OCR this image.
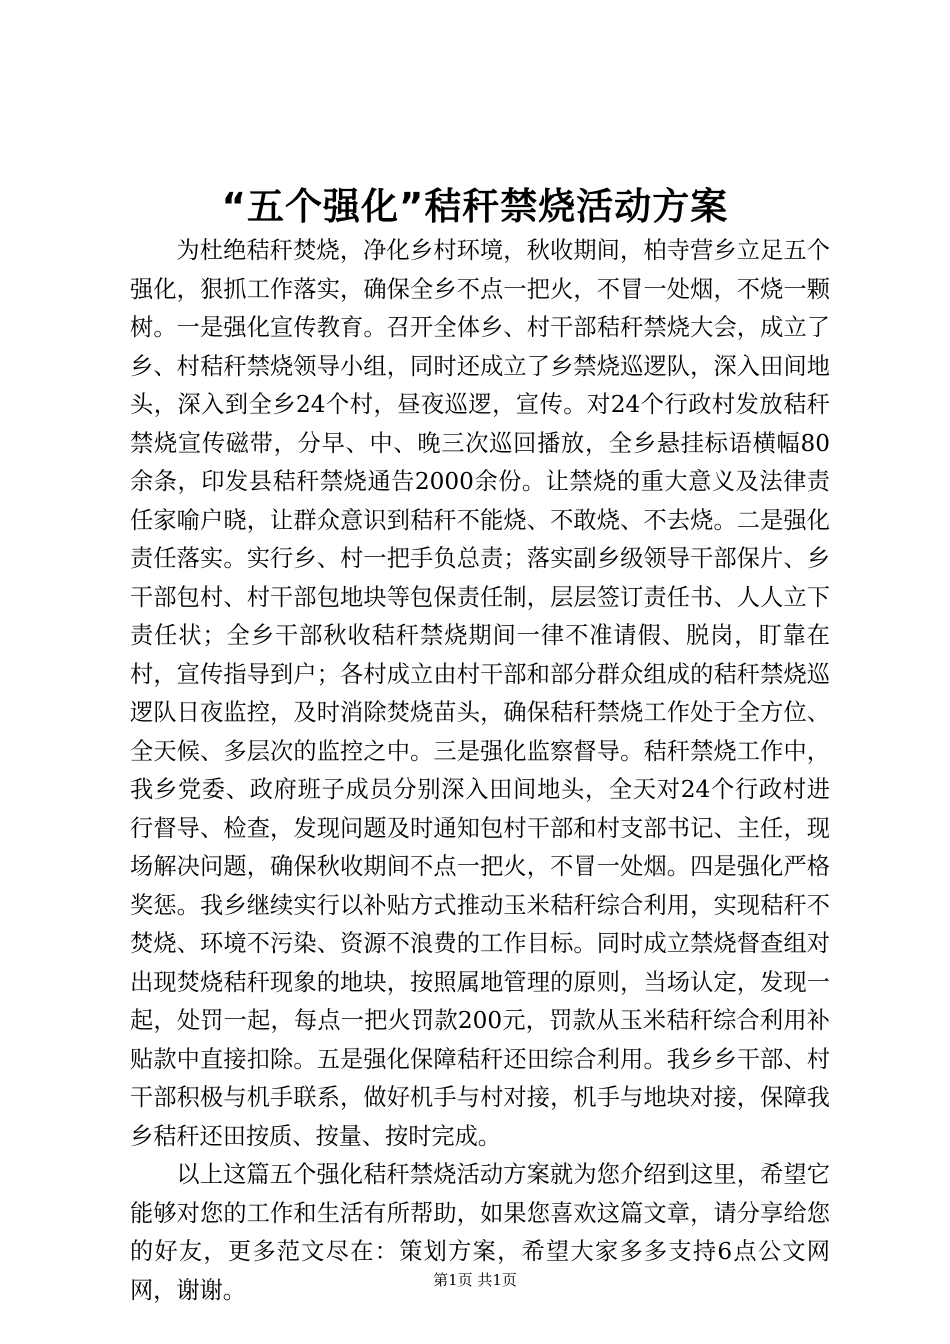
“五个强化”秸秆禁烧活动方案

为杜绝秸秆焚烧，净化乡村环境，秋收期间，柏寺营乡立足五个强化，狠抓工作落实，确保全乡不点一把火，不冒一处烟，不烧一颗树。一是强化宣传教育。召开全体乡、村干部秸秆禁烧大会，成立了乡、村秸秆禁烧领导小组，同时还成立了乡禁烧巡逻队，深入田间地头，深入到全乡24个村，昼夜巡逻，宣传。对24个行政村发放秸秆禁烧宣传磁带，分早、中、晚三次巡回播放，全乡悬挂标语横幅80余条，印发县秸秆禁烧通告2000余份。让禁烧的重大意义及法律责任家喻户晓，让群众意识到秸秆不能烧、不敢烧、不去烧。二是强化责任落实。实行乡、村一把手负总责；落实副乡级领导干部保片、乡干部包村、村干部包地块等包保责任制，层层签订责任书、人人立下责任状；全乡干部秋收秸秆禁烧期间一律不准请假、脱岗，盯靠在村，宣传指导到户；各村成立由村干部和部分群众组成的秸秆禁烧巡逻队日夜监控，及时消除焚烧苗头，确保秸秆禁烧工作处于全方位、全天候、多层次的监控之中。三是强化监察督导。秸秆禁烧工作中，我乡党委、政府班子成员分别深入田间地头，全天对24个行政村进行督导、检查，发现问题及时通知包村干部和村支部书记、主任，现场解决问题，确保秋收期间不点一把火，不冒一处烟。四是强化严格奖惩。我乡继续实行以补贴方式推动玉米秸秆综合利用，实现秸秆不焚烧、环境不污染、资源不浪费的工作目标。同时成立禁烧督查组对出现焚烧秸秆现象的地块，按照属地管理的原则，当场认定，发现一起，处罚一起，每点一把火罚款200元，罚款从玉米秸秆综合利用补贴款中直接扣除。五是强化保障秸秆还田综合利用。我乡乡干部、村干部积极与机手联系，做好机手与村对接，机手与地块对接，保障我乡秸秆还田按质、按量、按时完成。

以上这篇五个强化秸秆禁烧活动方案就为您介绍到这里，希望它能够对您的工作和生活有所帮助，如果您喜欢这篇文章，请分享给您的好友，更多范文尽在：策划方案，希望大家多多支持6点公文网网，谢谢。	第1页 共1页
